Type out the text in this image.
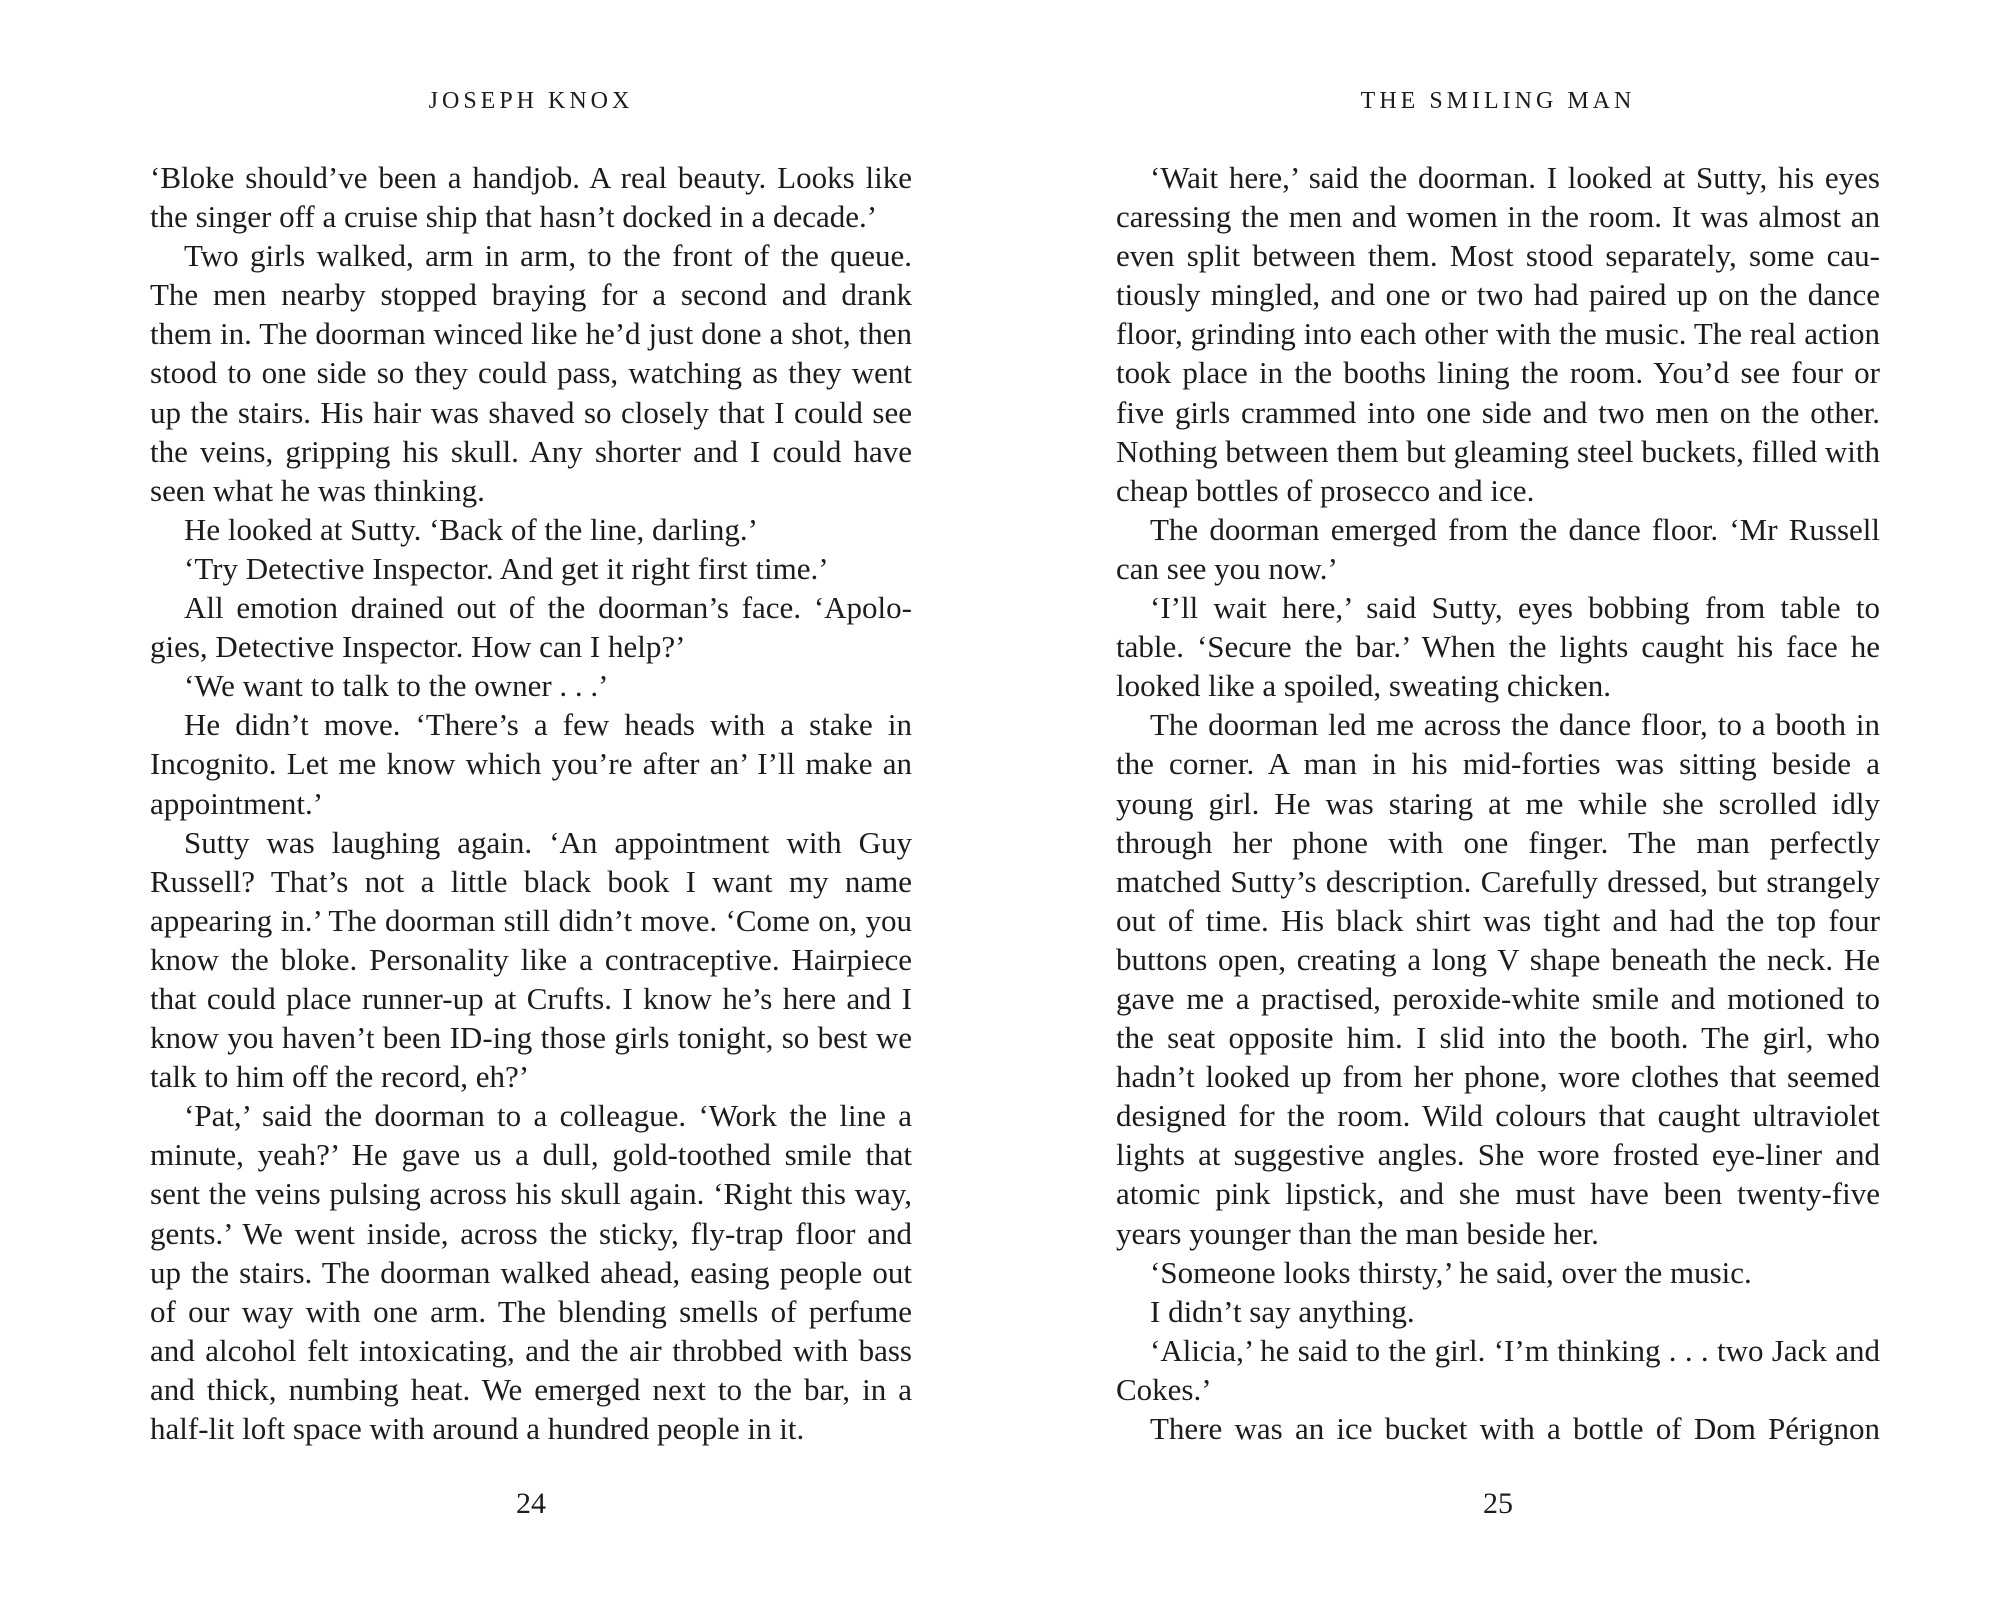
JOSEPH KNOX

‘Bloke should’ve been a handjob. A real beauty. Looks like the singer off a cruise ship that hasn’t docked in a decade.’

Two girls walked, arm in arm, to the front of the queue. The men nearby stopped braying for a second and drank them in. The doorman winced like he’d just done a shot, then stood to one side so they could pass, watching as they went up the stairs. His hair was shaved so closely that I could see the veins, gripping his skull. Any shorter and I could have seen what he was thinking.

He looked at Sutty. ‘Back of the line, darling.’

‘Try Detective Inspector. And get it right first time.’

All emotion drained out of the doorman’s face. ‘Apologies, Detective Inspector. How can I help?’

‘We want to talk to the owner . . .’

He didn’t move. ‘There’s a few heads with a stake in Incognito. Let me know which you’re after an’ I’ll make an appointment.’

Sutty was laughing again. ‘An appointment with Guy Russell? That’s not a little black book I want my name appearing in.’ The doorman still didn’t move. ‘Come on, you know the bloke. Personality like a contraceptive. Hairpiece that could place runner-up at Crufts. I know he’s here and I know you haven’t been ID-ing those girls tonight, so best we talk to him off the record, eh?’

‘Pat,’ said the doorman to a colleague. ‘Work the line a minute, yeah?’ He gave us a dull, gold-toothed smile that sent the veins pulsing across his skull again. ‘Right this way, gents.’ We went inside, across the sticky, fly-trap floor and up the stairs. The doorman walked ahead, easing people out of our way with one arm. The blending smells of perfume and alcohol felt intoxicating, and the air throbbed with bass and thick, numbing heat. We emerged next to the bar, in a half-lit loft space with around a hundred people in it.

24
THE SMILING MAN

‘Wait here,’ said the doorman. I looked at Sutty, his eyes caressing the men and women in the room. It was almost an even split between them. Most stood separately, some cautiously mingled, and one or two had paired up on the dance floor, grinding into each other with the music. The real action took place in the booths lining the room. You’d see four or five girls crammed into one side and two men on the other. Nothing between them but gleaming steel buckets, filled with cheap bottles of prosecco and ice.

The doorman emerged from the dance floor. ‘Mr Russell can see you now.’

‘I’ll wait here,’ said Sutty, eyes bobbing from table to table. ‘Secure the bar.’ When the lights caught his face he looked like a spoiled, sweating chicken.

The doorman led me across the dance floor, to a booth in the corner. A man in his mid-forties was sitting beside a young girl. He was staring at me while she scrolled idly through her phone with one finger. The man perfectly matched Sutty’s description. Carefully dressed, but strangely out of time. His black shirt was tight and had the top four buttons open, creating a long V shape beneath the neck. He gave me a practised, peroxide-white smile and motioned to the seat opposite him. I slid into the booth. The girl, who hadn’t looked up from her phone, wore clothes that seemed designed for the room. Wild colours that caught ultraviolet lights at suggestive angles. She wore frosted eye-liner and atomic pink lipstick, and she must have been twenty-five years younger than the man beside her.

‘Someone looks thirsty,’ he said, over the music.

I didn’t say anything.

‘Alicia,’ he said to the girl. ‘I’m thinking . . . two Jack and Cokes.’

There was an ice bucket with a bottle of Dom Pérignon

25
